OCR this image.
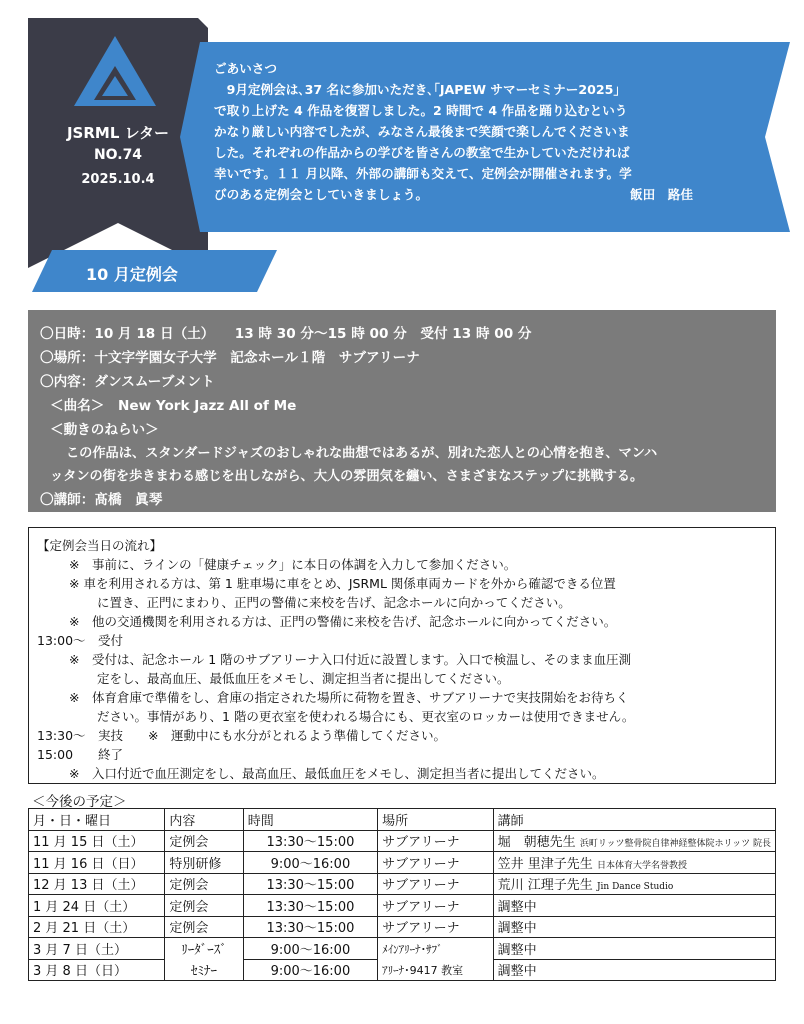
JSRML レター
NO.74
2025.10.4
ごあいさつ
　9月定例会は､37 名に参加いただき､｢JAPEW サマーセミナー2025｣
で取り上げた 4 作品を復習しました。2 時間で 4 作品を踊り込むという
かなり厳しい内容でしたが、みなさん最後まで笑顔で楽しんでくださいま
した。それぞれの作品からの学びを皆さんの教室で生かしていただければ
幸いです。１１ 月以降、外部の講師も交えて、定例会が開催されます。学
びのある定例会としていきましょう。	飯田　路佳
10 月定例会
〇日時：10 月 18 日（土）　　13 時 30 分～15 時 00 分　受付 13 時 00 分
〇場所：十文字学園女子大学　記念ホール１階　サブアリーナ
〇内容：ダンスムーブメント
＜曲名＞　New York Jazz All of Me
＜動きのねらい＞
この作品は、スタンダードジャズのおしゃれな曲想ではあるが、別れた恋人との心情を抱き、マンハ
ッタンの街を歩きまわる感じを出しながら、大人の雰囲気を纏い、さまざまなステップに挑戦する。
〇講師：髙橋　眞琴
【定例会当日の流れ】
※　事前に、ラインの「健康チェック」に本日の体調を入力して参加ください。
※ 車を利用される方は、第 1 駐車場に車をとめ、JSRML 関係車両カードを外から確認できる位置
に置き、正門にまわり、正門の警備に来校を告げ、記念ホールに向かってください。
※　他の交通機関を利用される方は、正門の警備に来校を告げ、記念ホールに向かってください。
13:00～　受付
※　受付は、記念ホール 1 階のサブアリーナ入口付近に設置します。入口で検温し、そのまま血圧測
定をし、最高血圧、最低血圧をメモし、測定担当者に提出してください。
※　体育倉庫で準備をし、倉庫の指定された場所に荷物を置き、サブアリーナで実技開始をお待ちく
ださい。事情があり、1 階の更衣室を使われる場合にも、更衣室のロッカーは使用できません。
13:30～　実技　　※　運動中にも水分がとれるよう準備してください。
15:00　　終了
※　入口付近で血圧測定をし、最高血圧、最低血圧をメモし、測定担当者に提出してください。
＜今後の予定＞
月・日・曜日	内容	時間	場所	講師
11 月 15 日（土）	定例会	13:30～15:00	サブアリーナ	堀　朝穂先生 浜町リッツ整骨院自律神経整体院ホリッツ 院長
11 月 16 日（日）	特別研修	9:00～16:00	サブアリーナ	笠井 里津子先生 日本体育大学名誉教授
12 月 13 日（土）	定例会	13:30～15:00	サブアリーナ	荒川 江理子先生 Jin Dance Studio
1 月 24 日（土）	定例会	13:30～15:00	サブアリーナ	調整中
2 月 21 日（土）	定例会	13:30～15:00	サブアリーナ	調整中
3 月 7 日（土）	ﾘｰﾀﾞｰｽﾞ	9:00～16:00	ﾒｲﾝｱﾘｰﾅ･ｻﾌﾞ	調整中
3 月 8 日（日）	ｾﾐﾅｰ	9:00～16:00	ｱﾘｰﾅ･9417 教室	調整中
